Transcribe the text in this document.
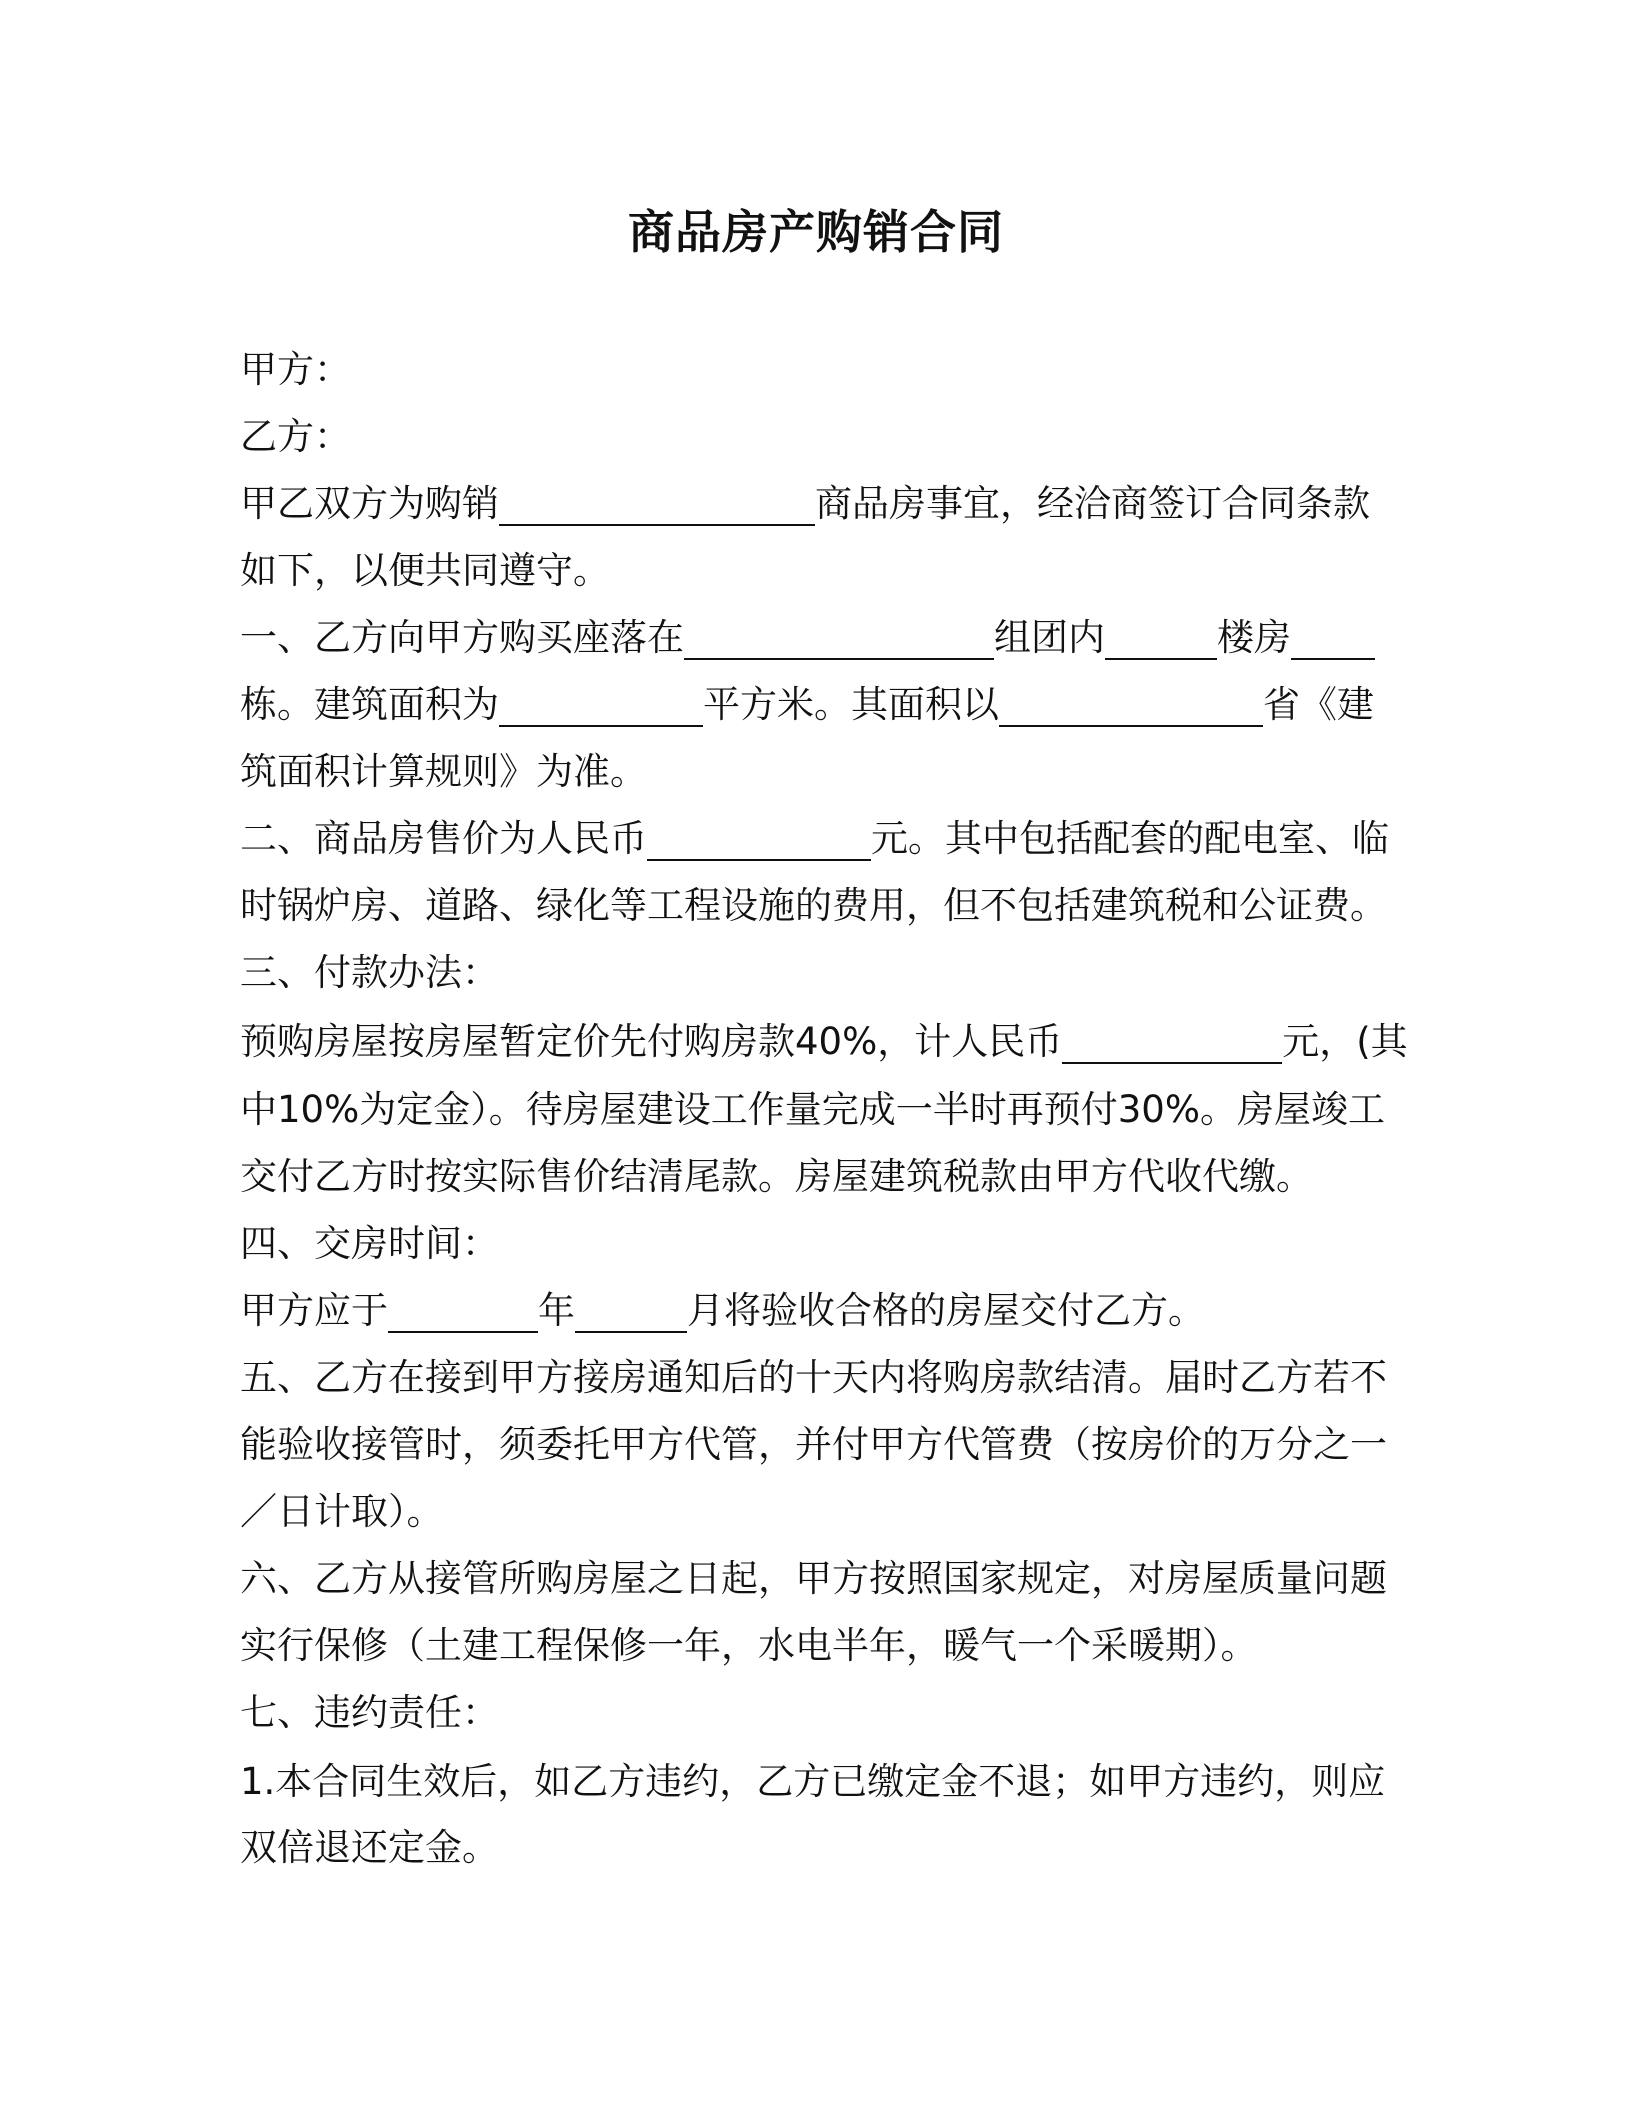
商品房产购销合同
甲方：
乙方：
甲乙双方为购销	商品房事宜，经洽商签订合同条款
如下，以便共同遵守。
一、乙方向甲方购买座落在	组团内	楼房
栋。建筑面积为	平方米。其面积以	省《建
筑面积计算规则》为准。
二、商品房售价为人民币	元。其中包括配套的配电室、临
时锅炉房、道路、绿化等工程设施的费用，但不包括建筑税和公证费。
三、付款办法：
预购房屋按房屋暂定价先付购房款40%，计人民币	元，(其
中10%为定金）。待房屋建设工作量完成一半时再预付30%。房屋竣工
交付乙方时按实际售价结清尾款。房屋建筑税款由甲方代收代缴。
四、交房时间：
甲方应于	年	月将验收合格的房屋交付乙方。
五、乙方在接到甲方接房通知后的十天内将购房款结清。届时乙方若不
能验收接管时，须委托甲方代管，并付甲方代管费（按房价的万分之一
／日计取）。
六、乙方从接管所购房屋之日起，甲方按照国家规定，对房屋质量问题
实行保修（土建工程保修一年，水电半年，暖气一个采暖期）。
七、违约责任：
1.本合同生效后，如乙方违约，乙方已缴定金不退；如甲方违约，则应
双倍退还定金。
